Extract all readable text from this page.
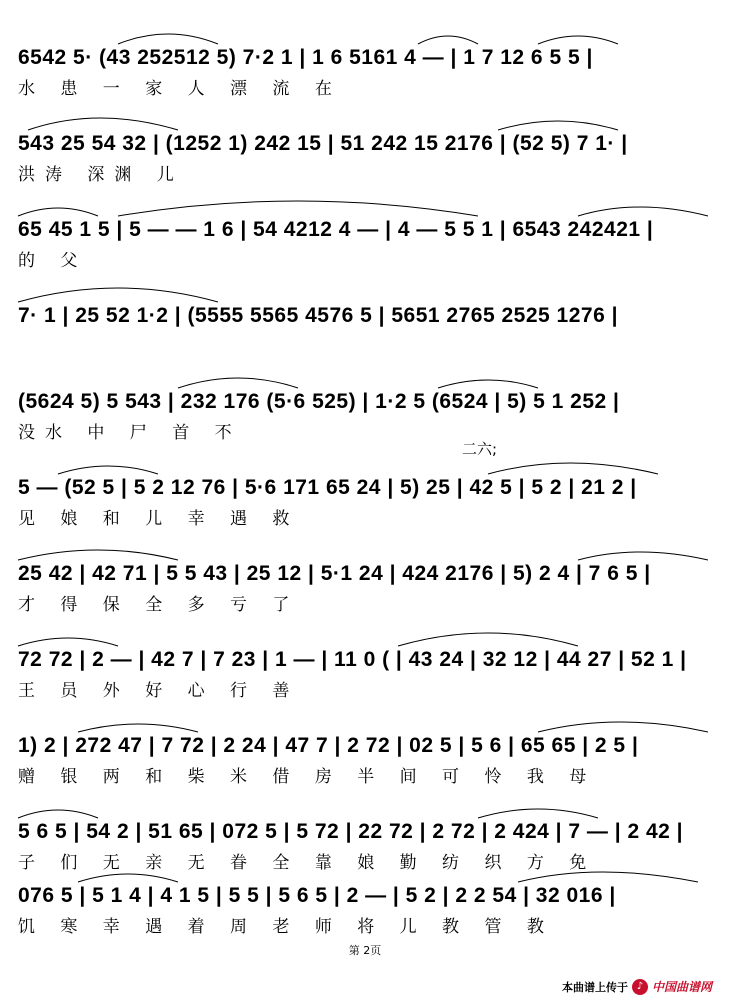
6542 5· (43 252512 5) 7·2 1 | 1 6 5161 4 — | 1 7 12 6 5 5 |
水 患 一 家 人 漂 流 在
543 25 54 32 | (1252 1) 242 15 | 51 242 15 2176 | (52 5) 7 1· |
洪涛 深渊 儿
65 45 1 5 | 5 — — 1 6 | 54 4212 4 — | 4 — 5 5 1 | 6543 242421 |
的 父
7· 1 | 25 52 1·2 | (5555 5565 4576 5 | 5651 2765 2525 1276 |
(5624 5) 5 543 | 232 176 (5·6 525) | 1·2 5 (6524 | 5) 5 1 252 |
没水 中 尸 首 不
二六;
5 — (52 5 | 5 2 12 76 | 5·6 171 65 24 | 5) 25 | 42 5 | 5 2 | 21 2 |
见 娘 和 儿 幸 遇 救
25 42 | 42 71 | 5 5 43 | 25 12 | 5·1 24 | 424 2176 | 5) 2 4 | 7 6 5 |
才 得 保 全 多 亏 了
72 72 | 2 — | 42 7 | 7 23 | 1 — | 11 0 ( | 43 24 | 32 12 | 44 27 | 52 1 |
王 员 外 好 心 行 善
1) 2 | 272 47 | 7 72 | 2 24 | 47 7 | 2 72 | 02 5 | 5 6 | 65 65 | 2 5 |
赠 银 两 和 柴 米 借 房 半 间 可 怜 我 母
5 6 5 | 54 2 | 51 65 | 072 5 | 5 72 | 22 72 | 2 72 | 2 424 | 7 — | 2 42 |
子 们 无 亲 无 眷 全 靠 娘 勤 纺 织 方 免
076 5 | 5 1 4 | 4 1 5 | 5 5 | 5 6 5 | 2 — | 5 2 | 2 2 54 | 32 016 |
饥 寒 幸 遇 着 周 老 师 将 儿 教 管 教
第 2页
本曲谱上传于 ♪ 中国曲谱网
